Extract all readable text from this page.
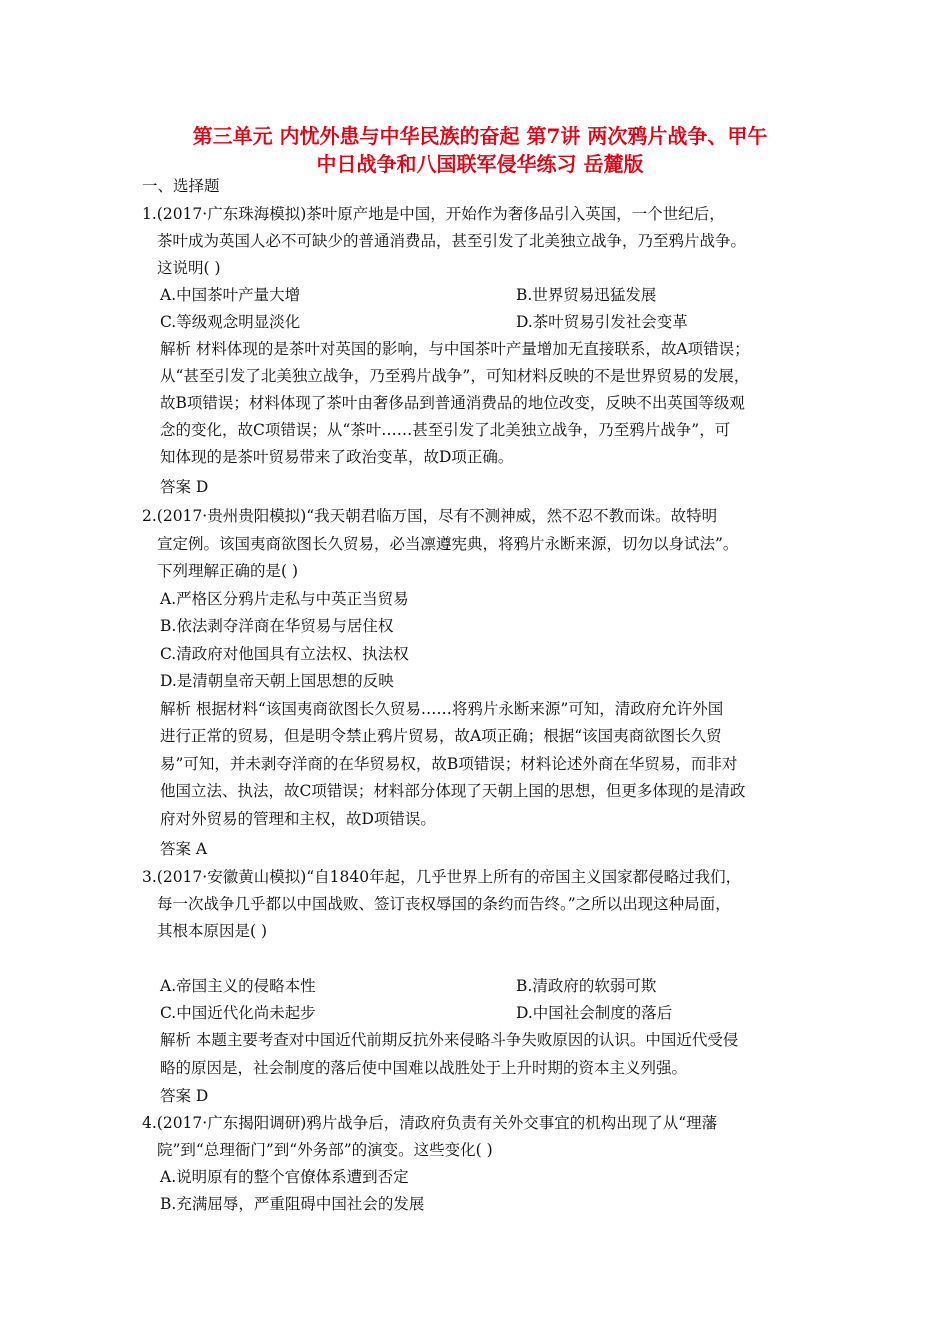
第三单元 内忧外患与中华民族的奋起 第7讲 两次鸦片战争、甲午

中日战争和八国联军侵华练习 岳麓版

一、选择题

1.(2017·广东珠海模拟)茶叶原产地是中国，开始作为奢侈品引入英国，一个世纪后，

茶叶成为英国人必不可缺少的普通消费品，甚至引发了北美独立战争，乃至鸦片战争。

这说明( )

A.中国茶叶产量大增	B.世界贸易迅猛发展

C.等级观念明显淡化	D.茶叶贸易引发社会变革

解析 材料体现的是茶叶对英国的影响，与中国茶叶产量增加无直接联系，故A项错误；

从“甚至引发了北美独立战争，乃至鸦片战争”，可知材料反映的不是世界贸易的发展，

故B项错误；材料体现了茶叶由奢侈品到普通消费品的地位改变，反映不出英国等级观

念的变化，故C项错误；从“茶叶……甚至引发了北美独立战争，乃至鸦片战争”，可

知体现的是茶叶贸易带来了政治变革，故D项正确。

答案 D

2.(2017·贵州贵阳模拟)“我天朝君临万国，尽有不测神威，然不忍不教而诛。故特明

宣定例。该国夷商欲图长久贸易，必当凛遵宪典，将鸦片永断来源，切勿以身试法”。

下列理解正确的是( )

A.严格区分鸦片走私与中英正当贸易

B.依法剥夺洋商在华贸易与居住权

C.清政府对他国具有立法权、执法权

D.是清朝皇帝天朝上国思想的反映

解析 根据材料“该国夷商欲图长久贸易……将鸦片永断来源”可知，清政府允许外国

进行正常的贸易，但是明令禁止鸦片贸易，故A项正确；根据“该国夷商欲图长久贸

易”可知，并未剥夺洋商的在华贸易权，故B项错误；材料论述外商在华贸易，而非对

他国立法、执法，故C项错误；材料部分体现了天朝上国的思想，但更多体现的是清政

府对外贸易的管理和主权，故D项错误。

答案 A

3.(2017·安徽黄山模拟)“自1840年起，几乎世界上所有的帝国主义国家都侵略过我们，

每一次战争几乎都以中国战败、签订丧权辱国的条约而告终。”之所以出现这种局面，

其根本原因是( )

A.帝国主义的侵略本性	B.清政府的软弱可欺

C.中国近代化尚未起步	D.中国社会制度的落后

解析 本题主要考查对中国近代前期反抗外来侵略斗争失败原因的认识。中国近代受侵

略的原因是，社会制度的落后使中国难以战胜处于上升时期的资本主义列强。

答案 D

4.(2017·广东揭阳调研)鸦片战争后，清政府负责有关外交事宜的机构出现了从“理藩

院”到“总理衙门”到“外务部”的演变。这些变化( )

A.说明原有的整个官僚体系遭到否定

B.充满屈辱，严重阻碍中国社会的发展
